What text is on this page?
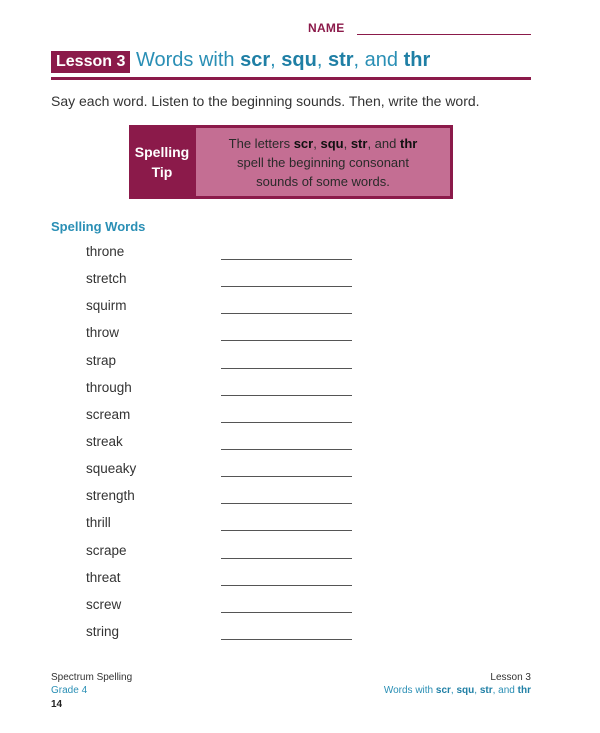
NAME
Lesson 3 Words with scr, squ, str, and thr
Say each word. Listen to the beginning sounds. Then, write the word.
Spelling
Tip
The letters scr, squ, str, and thr
spell the beginning consonant
sounds of some words.
Spelling Words
throne
stretch
squirm
throw
strap
through
scream
streak
squeaky
strength
thrill
scrape
threat
screw
string
Spectrum Spelling
Grade 4
14
Lesson 3
Words with scr, squ, str, and thr
